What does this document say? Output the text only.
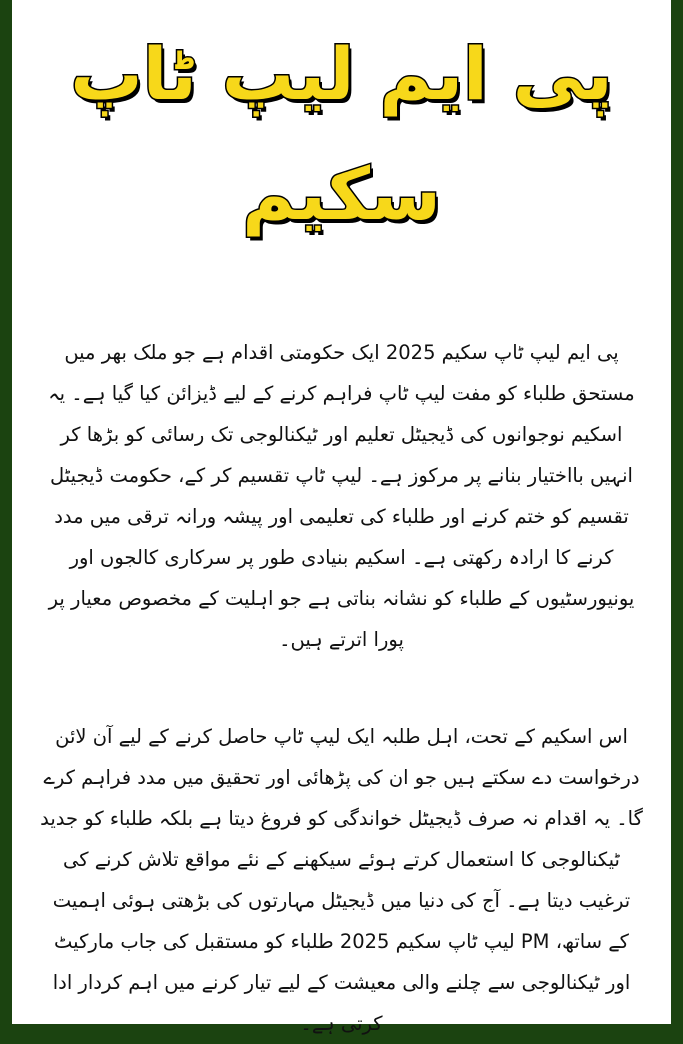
پی ایم لیپ ٹاپ
سکیم

پی ایم لیپ ٹاپ سکیم 2025 ایک حکومتی اقدام ہے جو ملک بھر میں مستحق طلباء کو مفت لیپ ٹاپ فراہم کرنے کے لیے ڈیزائن کیا گیا ہے۔ یہ اسکیم نوجوانوں کی ڈیجیٹل تعلیم اور ٹیکنالوجی تک رسائی کو بڑھا کر انہیں بااختیار بنانے پر مرکوز ہے۔ لیپ ٹاپ تقسیم کر کے، حکومت ڈیجیٹل تقسیم کو ختم کرنے اور طلباء کی تعلیمی اور پیشہ ورانہ ترقی میں مدد کرنے کا ارادہ رکھتی ہے۔ اسکیم بنیادی طور پر سرکاری کالجوں اور یونیورسٹیوں کے طلباء کو نشانہ بناتی ہے جو اہلیت کے مخصوص معیار پر پورا اترتے ہیں۔

اس اسکیم کے تحت، اہل طلبہ ایک لیپ ٹاپ حاصل کرنے کے لیے آن لائن درخواست دے سکتے ہیں جو ان کی پڑھائی اور تحقیق میں مدد فراہم کرے گا۔ یہ اقدام نہ صرف ڈیجیٹل خواندگی کو فروغ دیتا ہے بلکہ طلباء کو جدید ٹیکنالوجی کا استعمال کرتے ہوئے سیکھنے کے نئے مواقع تلاش کرنے کی ترغیب دیتا ہے۔ آج کی دنیا میں ڈیجیٹل مہارتوں کی بڑھتی ہوئی اہمیت کے ساتھ، PM لیپ ٹاپ سکیم 2025 طلباء کو مستقبل کی جاب مارکیٹ اور ٹیکنالوجی سے چلنے والی معیشت کے لیے تیار کرنے میں اہم کردار ادا کرتی ہے۔
